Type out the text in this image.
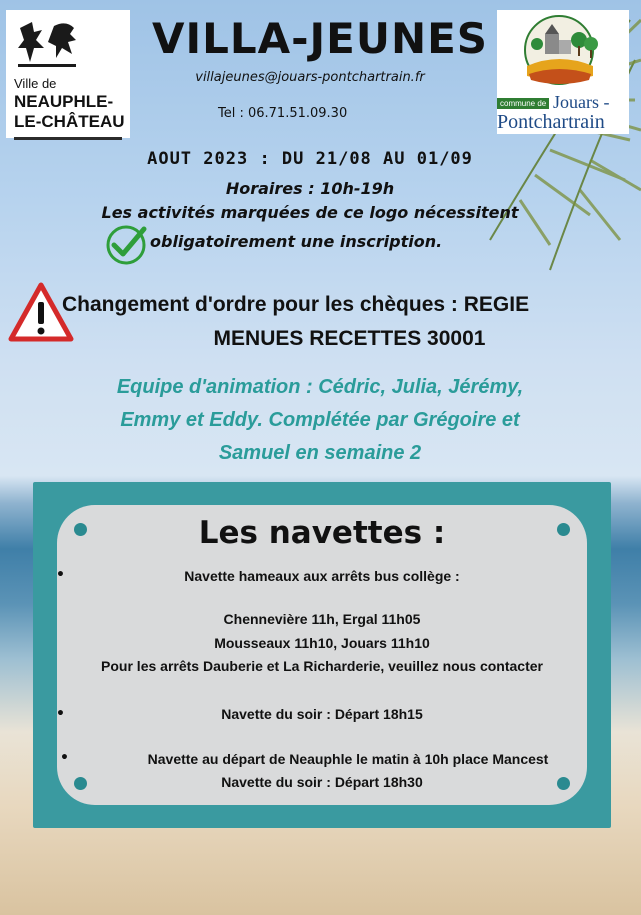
Ville de
NEAUPHLE-
LE-CHÂTEAU
commune de Jouars -
Pontchartrain
VILLA-JEUNES
villajeunes@jouars-pontchartrain.fr
Tel : 06.71.51.09.30
AOUT 2023 : DU 21/08 AU 01/09
Horaires : 10h-19h
Les activités marquées de ce logo nécessitent
obligatoirement une inscription.
Changement d'ordre pour les chèques : REGIE
MENUES RECETTES 30001
Equipe d'animation : Cédric, Julia, Jérémy,
Emmy et Eddy. Complétée par Grégoire et
Samuel en semaine 2
Les navettes :
•	Navette hameaux aux arrêts bus collège :
Chennevière 11h, Ergal 11h05
Mousseaux 11h10, Jouars 11h10
Pour les arrêts Dauberie et La Richarderie, veuillez nous contacter
•	Navette du soir : Départ 18h15
•	Navette au départ de Neauphle le matin à 10h place Mancest
Navette du soir : Départ 18h30
